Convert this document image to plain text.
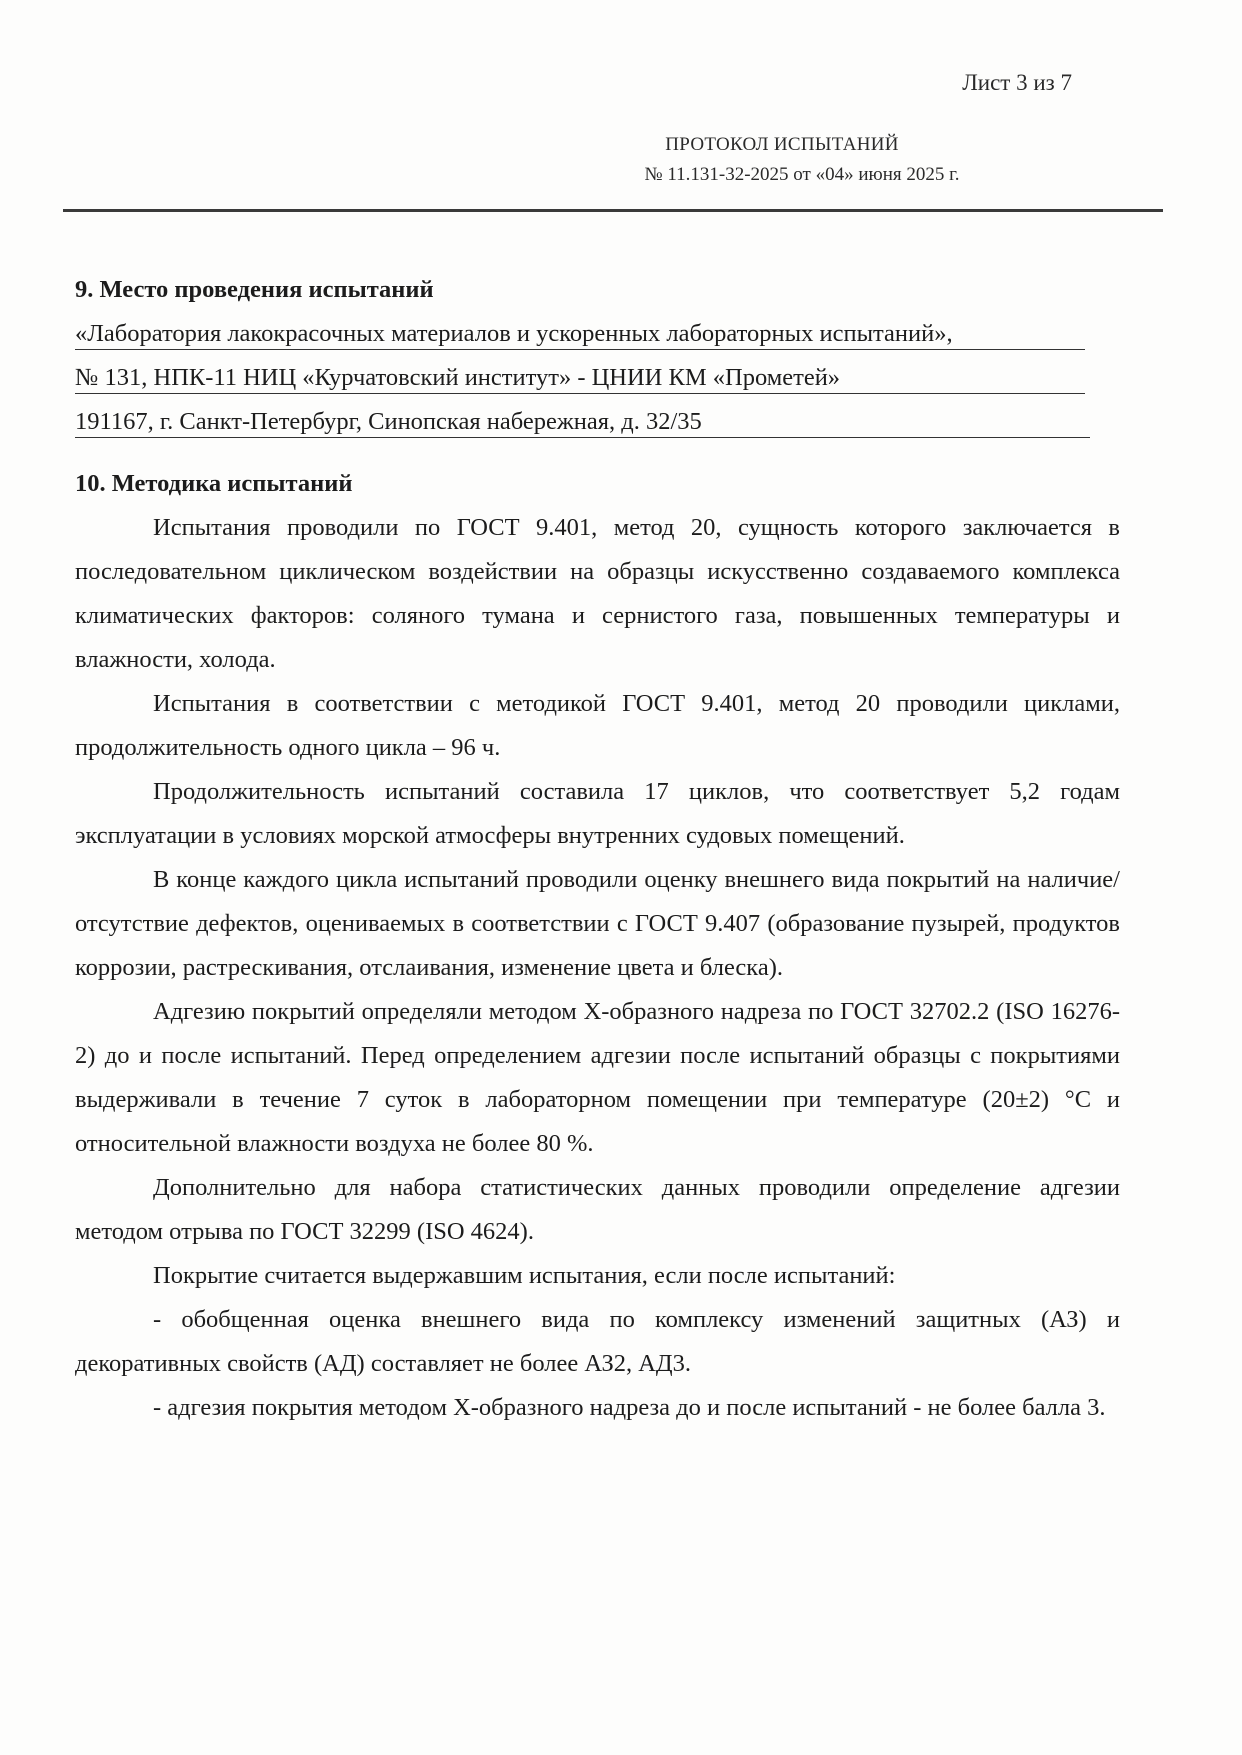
Лист 3 из 7
ПРОТОКОЛ ИСПЫТАНИЙ
№ 11.131-32-2025 от «04» июня 2025 г.
9. Место проведения испытаний
«Лаборатория лакокрасочных материалов и ускоренных лабораторных испытаний»,
№ 131, НПК-11 НИЦ «Курчатовский институт» - ЦНИИ КМ «Прометей»
191167, г. Санкт-Петербург, Синопская набережная, д. 32/35
10. Методика испытаний

Испытания проводили по ГОСТ 9.401, метод 20, сущность которого заключается в последовательном циклическом воздействии на образцы искусственно создаваемого комплекса климатических факторов: соляного тумана и сернистого газа, повышенных температуры и влажности, холода.

Испытания в соответствии с методикой ГОСТ 9.401, метод 20 проводили циклами, продолжительность одного цикла – 96 ч.

Продолжительность испытаний составила 17 циклов, что соответствует 5,2 годам эксплуатации в условиях морской атмосферы внутренних судовых помещений.

В конце каждого цикла испытаний проводили оценку внешнего вида покрытий на наличие/отсутствие дефектов, оцениваемых в соответствии с ГОСТ 9.407 (образование пузырей, продуктов коррозии, растрескивания, отслаивания, изменение цвета и блеска).

Адгезию покрытий определяли методом Х-образного надреза по ГОСТ 32702.2 (ISO 16276-2) до и после испытаний. Перед определением адгезии после испытаний образцы с покрытиями выдерживали в течение 7 суток в лабораторном помещении при температуре (20±2) °С и относительной влажности воздуха не более 80 %.

Дополнительно для набора статистических данных проводили определение адгезии методом отрыва по ГОСТ 32299 (ISO 4624).

Покрытие считается выдержавшим испытания, если после испытаний:

- обобщенная оценка внешнего вида по комплексу изменений защитных (АЗ) и декоративных свойств (АД) составляет не более АЗ2, АД3.

- адгезия покрытия методом Х-образного надреза до и после испытаний - не более балла 3.
